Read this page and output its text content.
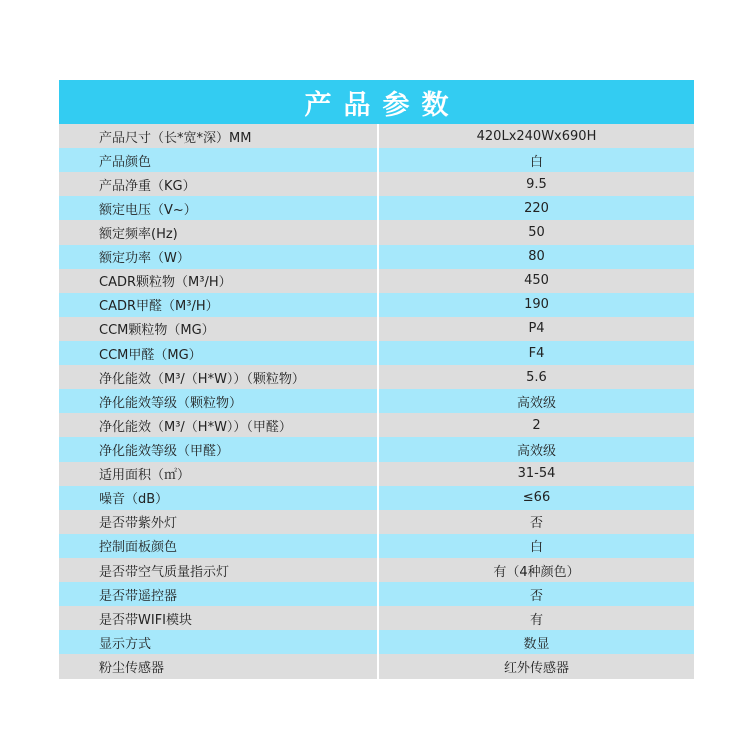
产品参数
产品尺寸（长*宽*深）MM	420Lx240Wx690H
产品颜色	白
产品净重（KG）	9.5
额定电压（V~）	220
额定频率(Hz)	50
额定功率（W）	80
CADR颗粒物（M³/H）	450
CADR甲醛（M³/H）	190
CCM颗粒物（MG）	P4
CCM甲醛（MG）	F4
净化能效（M³/（H*W））（颗粒物）	5.6
净化能效等级（颗粒物）	高效级
净化能效（M³/（H*W））（甲醛）	2
净化能效等级（甲醛）	高效级
适用面积（㎡）	31-54
噪音（dB）	≤66
是否带紫外灯	否
控制面板颜色	白
是否带空气质量指示灯	有（4种颜色）
是否带遥控器	否
是否带WIFI模块	有
显示方式	数显
粉尘传感器	红外传感器
